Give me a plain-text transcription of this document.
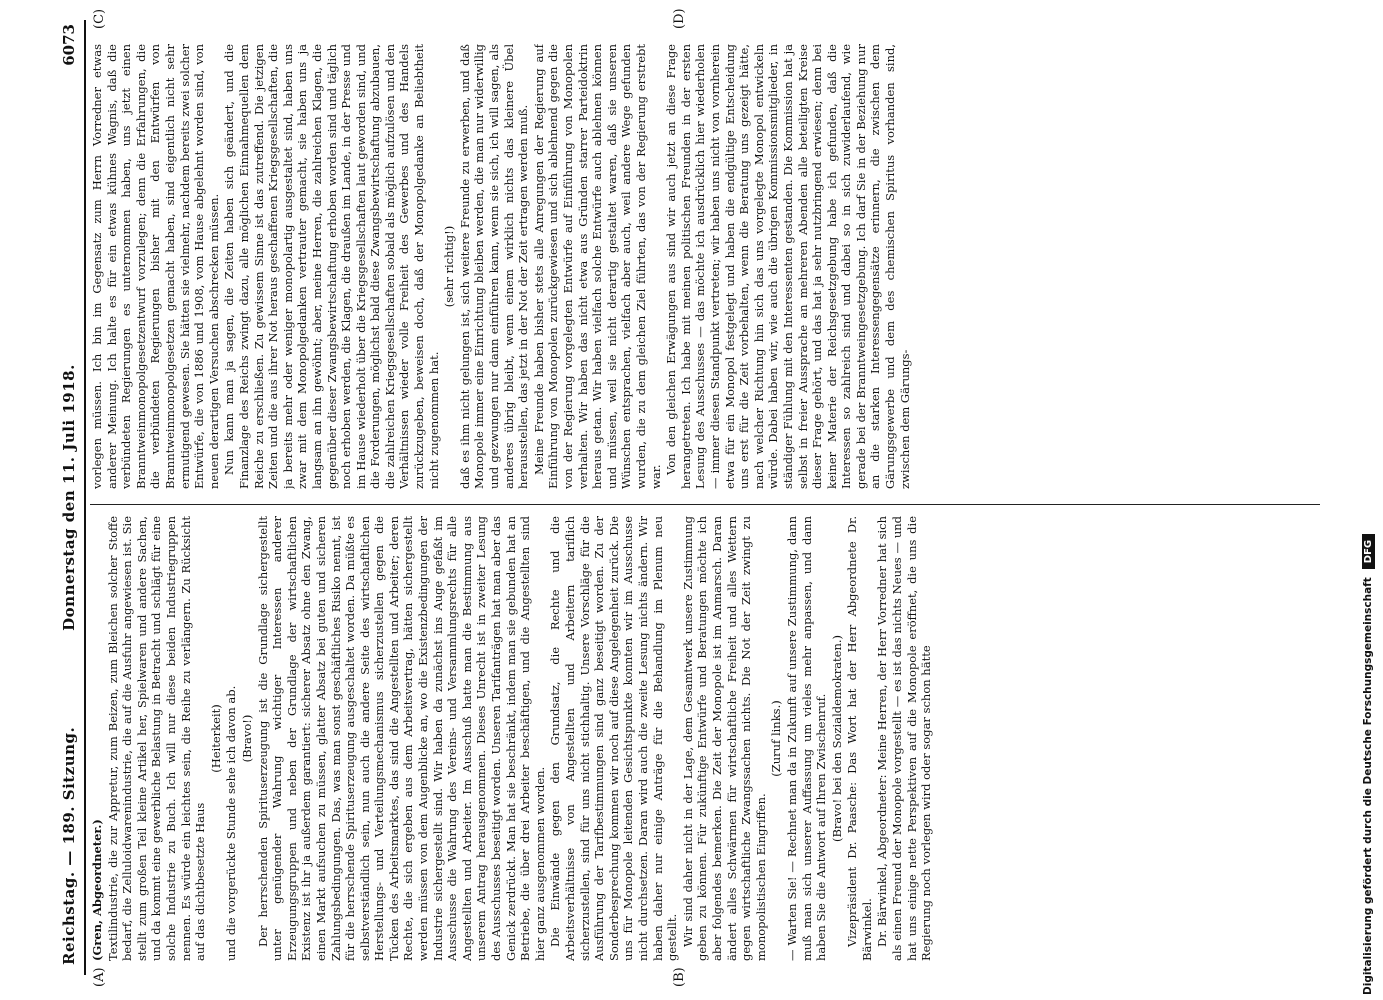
Reichstag. — 189. Sitzung.
Donnerstag den 11. Juli 1918.
6073
(A)	(B)
(C)	(D)

(Gren, Abgeordneter.) Textilindustrie, die zur Appretur, zum Beizen, zum Bleichen solcher Stoffe bedarf, die Zelluloidwarenindustrie, die auf die Ausfuhr angewiesen ist. Sie stellt zum großen Teil kleine Artikel her, Spielwaren und andere Sachen, und da kommt eine gewerbliche Belastung in Betracht und schlägt für eine solche Industrie zu Buch. Ich will nur diese beiden Industriegruppen nennen. Es würde ein leichtes sein, die Reihe zu verlängern. Zu Rücksicht auf das dichtbesetzte Haus

(Heiterkeit) und die vorgerückte Stunde sehe ich davon ab. (Bravo!) Der herrschenden Spirituserzeugung ist die Grundlage sichergestellt unter genügender Wahrung wichtiger Interessen anderer Erzeugungsgruppen und neben der Grundlage der wirtschaftlichen Existenz ist ihr ja außerdem garantiert: sicherer Absatz ohne den Zwang, einen Markt aufsuchen zu müssen, glatter Absatz bei guten und sicheren Zahlungsbedingungen. Das, was man sonst geschäftliches Risiko nennt, ist für die herrschende Spirituserzeugung ausgeschaltet worden. Da müßte es selbstverständlich sein, nun auch die andere Seite des wirtschaftlichen Herstellungs- und Verteilungsmechanismus sicherzustellen gegen die Tücken des Arbeitsmarktes, das sind die Angestellten und Arbeiter; deren Rechte, die sich ergeben aus dem Arbeitsvertrag, hätten sichergestellt werden müssen von dem Augenblicke an, wo die Existenzbedingungen der Industrie sichergestellt sind. Wir haben da zunächst ins Auge gefaßt im Ausschusse die Wahrung des Vereins- und Versammlungsrechts für alle Angestellten und Arbeiter. Im Ausschuß hatte man die Bestimmung aus unserem Antrag herausgenommen. Dieses Unrecht ist in zweiter Lesung des Ausschusses beseitigt worden. Unseren Tarifanträgen hat man aber das Genick zerdrückt. Man hat sie beschränkt, indem man sie gebunden hat an Betriebe, die über drei Arbeiter beschäftigen, und die Angestellten sind hier ganz ausgenommen worden. Die Einwände gegen den Grundsatz, die Rechte und die Arbeitsverhältnisse von Angestellten und Arbeitern tariflich sicherzustellen, sind für uns nicht stichhaltig. Unsere Vorschläge für die Ausführung der Tarifbestimmungen sind ganz beseitigt worden. Zu der Sonderbesprechung kommen wir noch auf diese Angelegenheit zurück. Die uns für Monopole leitenden Gesichtspunkte konnten wir im Ausschusse nicht durchsetzen. Daran wird auch die zweite Lesung nichts ändern. Wir haben daher nur einige Anträge für die Behandlung im Plenum neu gestellt. Wir sind daher nicht in der Lage, dem Gesamtwerk unsere Zustimmung geben zu können. Für zukünftige Entwürfe und Beratungen möchte ich aber folgendes bemerken. Die Zeit der Monopole ist im Anmarsch. Daran ändert alles Schwärmen für wirtschaftliche Freiheit und alles Wettern gegen wirtschaftliche Zwangssachen nichts. Die Not der Zeit zwingt zu monopolistischen Eingriffen.

(Zuruf links.) — Warten Sie! — Rechnet man da in Zukunft auf unsere Zustimmung, dann muß man sich unserer Auffassung um vieles mehr anpassen, und dann haben Sie die Antwort auf Ihren Zwischenruf. (Bravo! bei den Sozialdemokraten.) Vizepräsident Dr. Paasche: Das Wort hat der Herr Abgeordnete Dr. Bärwinkel. Dr. Bärwinkel, Abgeordneter: Meine Herren, der Herr Vorredner hat sich als einen Freund der Monopole vorgestellt — es ist das nichts Neues — und hat uns einige nette Perspektiven auf die Monopole eröffnet, die uns die Regierung noch vorlegen wird oder sogar schon hätte

vorlegen müssen. Ich bin im Gegensatz zum Herrn Vorredner etwas anderer Meinung. Ich halte es für ein etwas kühnes Wagnis, daß die verbündeten Regierungen es unternommen haben, uns jetzt einen Branntweinmonopolgesetzentwurf vorzulegen; denn die Erfahrungen, die die verbündeten Regierungen bisher mit den Entwürfen von Branntweinmonopolgesetzen gemacht haben, sind eigentlich nicht sehr ermutigend gewesen. Sie hätten sie vielmehr, nachdem bereits zwei solcher Entwürfe, die von 1886 und 1908, vom Hause abgelehnt worden sind, von neuen derartigen Versuchen abschrecken müssen. Nun kann man ja sagen, die Zeiten haben sich geändert, und die Finanzlage des Reichs zwingt dazu, alle möglichen Einnahmequellen dem Reiche zu erschließen. Zu gewissem Sinne ist das zutreffend. Die jetzigen Zeiten und die aus ihrer Not heraus geschaffenen Kriegsgesellschaften, die ja bereits mehr oder weniger monopolartig ausgestaltet sind, haben uns zwar mit dem Monopolgedanken vertrauter gemacht, sie haben uns ja langsam an ihn gewöhnt; aber, meine Herren, die zahlreichen Klagen, die gegenüber dieser Zwangsbewirtschaftung erhoben worden sind und täglich noch erhoben werden, die Klagen, die draußen im Lande, in der Presse und im Hause wiederholt über die Kriegsgesellschaften laut geworden sind, und die Forderungen, möglichst bald diese Zwangsbewirtschaftung abzubauen, die zahlreichen Kriegsgesellschaften sobald als möglich aufzulösen und den Verhältnissen wieder volle Freiheit des Gewerbes und des Handels zurückzugeben, beweisen doch, daß der Monopolgedanke an Beliebtheit nicht zugenommen hat.

(sehr richtig!) daß es ihm nicht gelungen ist, sich weitere Freunde zu erwerben, und daß Monopole immer eine Einrichtung bleiben werden, die man nur widerwillig und gezwungen nur dann einführen kann, wenn sie sich, ich will sagen, als anderes übrig bleibt, wenn einem wirklich nichts das kleinere Übel herausstellen, das jetzt in der Not der Zeit ertragen werden muß. Meine Freunde haben bisher stets alle Anregungen der Regierung auf Einführung von Monopolen zurückgewiesen und sich ablehnend gegen die von der Regierung vorgelegten Entwürfe auf Einführung von Monopolen verhalten. Wir haben das nicht etwa aus Gründen starrer Parteidoktrin heraus getan. Wir haben vielfach solche Entwürfe auch ablehnen können und müssen, weil sie nicht derartig gestaltet waren, daß sie unseren Wünschen entsprachen, vielfach aber auch, weil andere Wege gefunden wurden, die zu dem gleichen Ziel führten, das von der Regierung erstrebt war.

Von den gleichen Erwägungen aus sind wir auch jetzt an diese Frage herangetreten. Ich habe mit meinen politischen Freunden in der ersten Lesung des Ausschusses — das möchte ich ausdrücklich hier wiederholen — immer diesen Standpunkt vertreten; wir haben uns nicht von vornherein etwa für ein Monopol festgelegt und haben die endgültige Entscheidung uns erst für die Zeit vorbehalten, wenn die Beratung uns gezeigt hätte, nach welcher Richtung hin sich das uns vorgelegte Monopol entwickeln würde. Dabei haben wir, wie auch die übrigen Kommissionsmitglieder, in ständiger Fühlung mit den Interessenten gestanden. Die Kommission hat ja selbst in freier Aussprache an mehreren Abenden alle beteiligten Kreise dieser Frage gehört, und das hat ja sehr nutzbringend erwiesen; denn bei keiner Materie der Reichsgesetzgebung habe ich gefunden, daß die Interessen so zahlreich sind und dabei so in sich zuwiderlaufend, wie gerade bei der Branntweingesetzgebung. Ich darf Sie in der Beziehung nur an die starken Interessengegensätze erinnern, die zwischen dem Gärungsgewerbe und dem des chemischen Spiritus vorhanden sind, zwischen dem Gärungs-

Digitalisierung gefördert durch die Deutsche Forschungsgemeinschaft
DFG
